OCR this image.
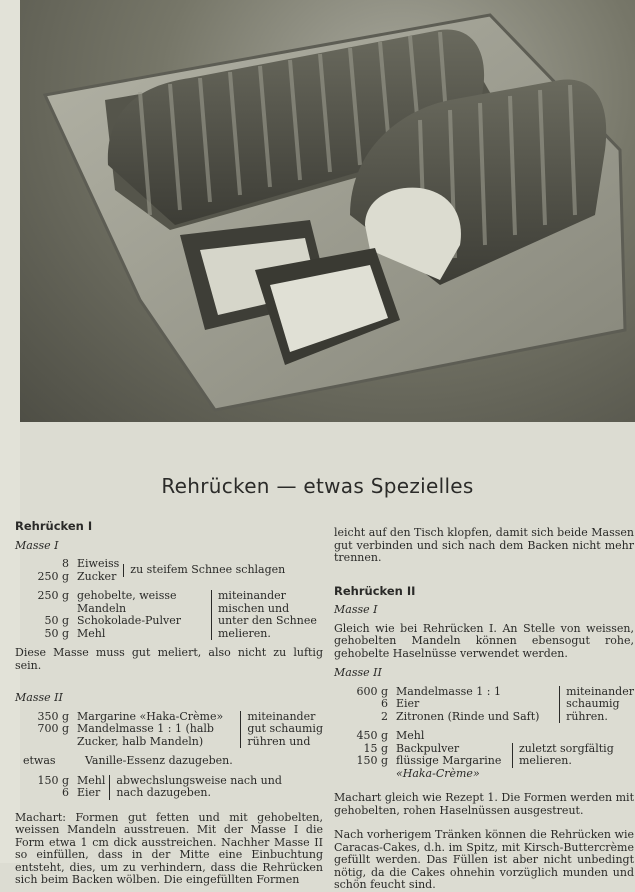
Rehrücken — etwas Spezielles
Rehrücken I
Masse I
8 Eiweiss
250 g Zucker	zu steifem Schnee schlagen
250 g gehobelte, weisse
Mandeln
50 g Schokolade-Pulver
50 g Mehl
miteinander
mischen und
unter den Schnee
melieren.

Diese Masse muss gut meliert, also nicht zu luftig sein.

Masse II
350 g Margarine «Haka-Crème»
700 g Mandelmasse 1 : 1 (halb
Zucker, halb Mandeln)
miteinander
gut schaumig
rühren und
etwas	Vanille-Essenz dazugeben.
150 g Mehl
6 Eier
abwechslungsweise nach und
nach dazugeben.

Machart: Formen gut fetten und mit gehobelten, weissen Mandeln ausstreuen. Mit der Masse I die Form etwa 1 cm dick ausstreichen. Nachher Masse II so einfüllen, dass in der Mitte eine Einbuchtung entsteht, dies, um zu verhindern, dass die Rehrücken sich beim Backen wölben. Die eingefüllten Formen

leicht auf den Tisch klopfen, damit sich beide Massen gut verbinden und sich nach dem Backen nicht mehr trennen.

Rehrücken II
Masse I

Gleich wie bei Rehrücken I. An Stelle von weissen, gehobelten Mandeln können ebensogut rohe, gehobelte Haselnüsse verwendet werden.

Masse II
600 g Mandelmasse 1 : 1
6 Eier
2 Zitronen (Rinde und Saft)
miteinander
schaumig
rühren.
450 g Mehl
15 g Backpulver
150 g flüssige Margarine
«Haka-Crème»
zuletzt sorgfältig
melieren.

Machart gleich wie Rezept 1. Die Formen werden mit gehobelten, rohen Haselnüssen ausgestreut.

Nach vorherigem Tränken können die Rehrücken wie Caracas-Cakes, d.h. im Spitz, mit Kirsch-Buttercrème gefüllt werden. Das Füllen ist aber nicht unbedingt nötig, da die Cakes ohnehin vorzüglich munden und schön feucht sind.
